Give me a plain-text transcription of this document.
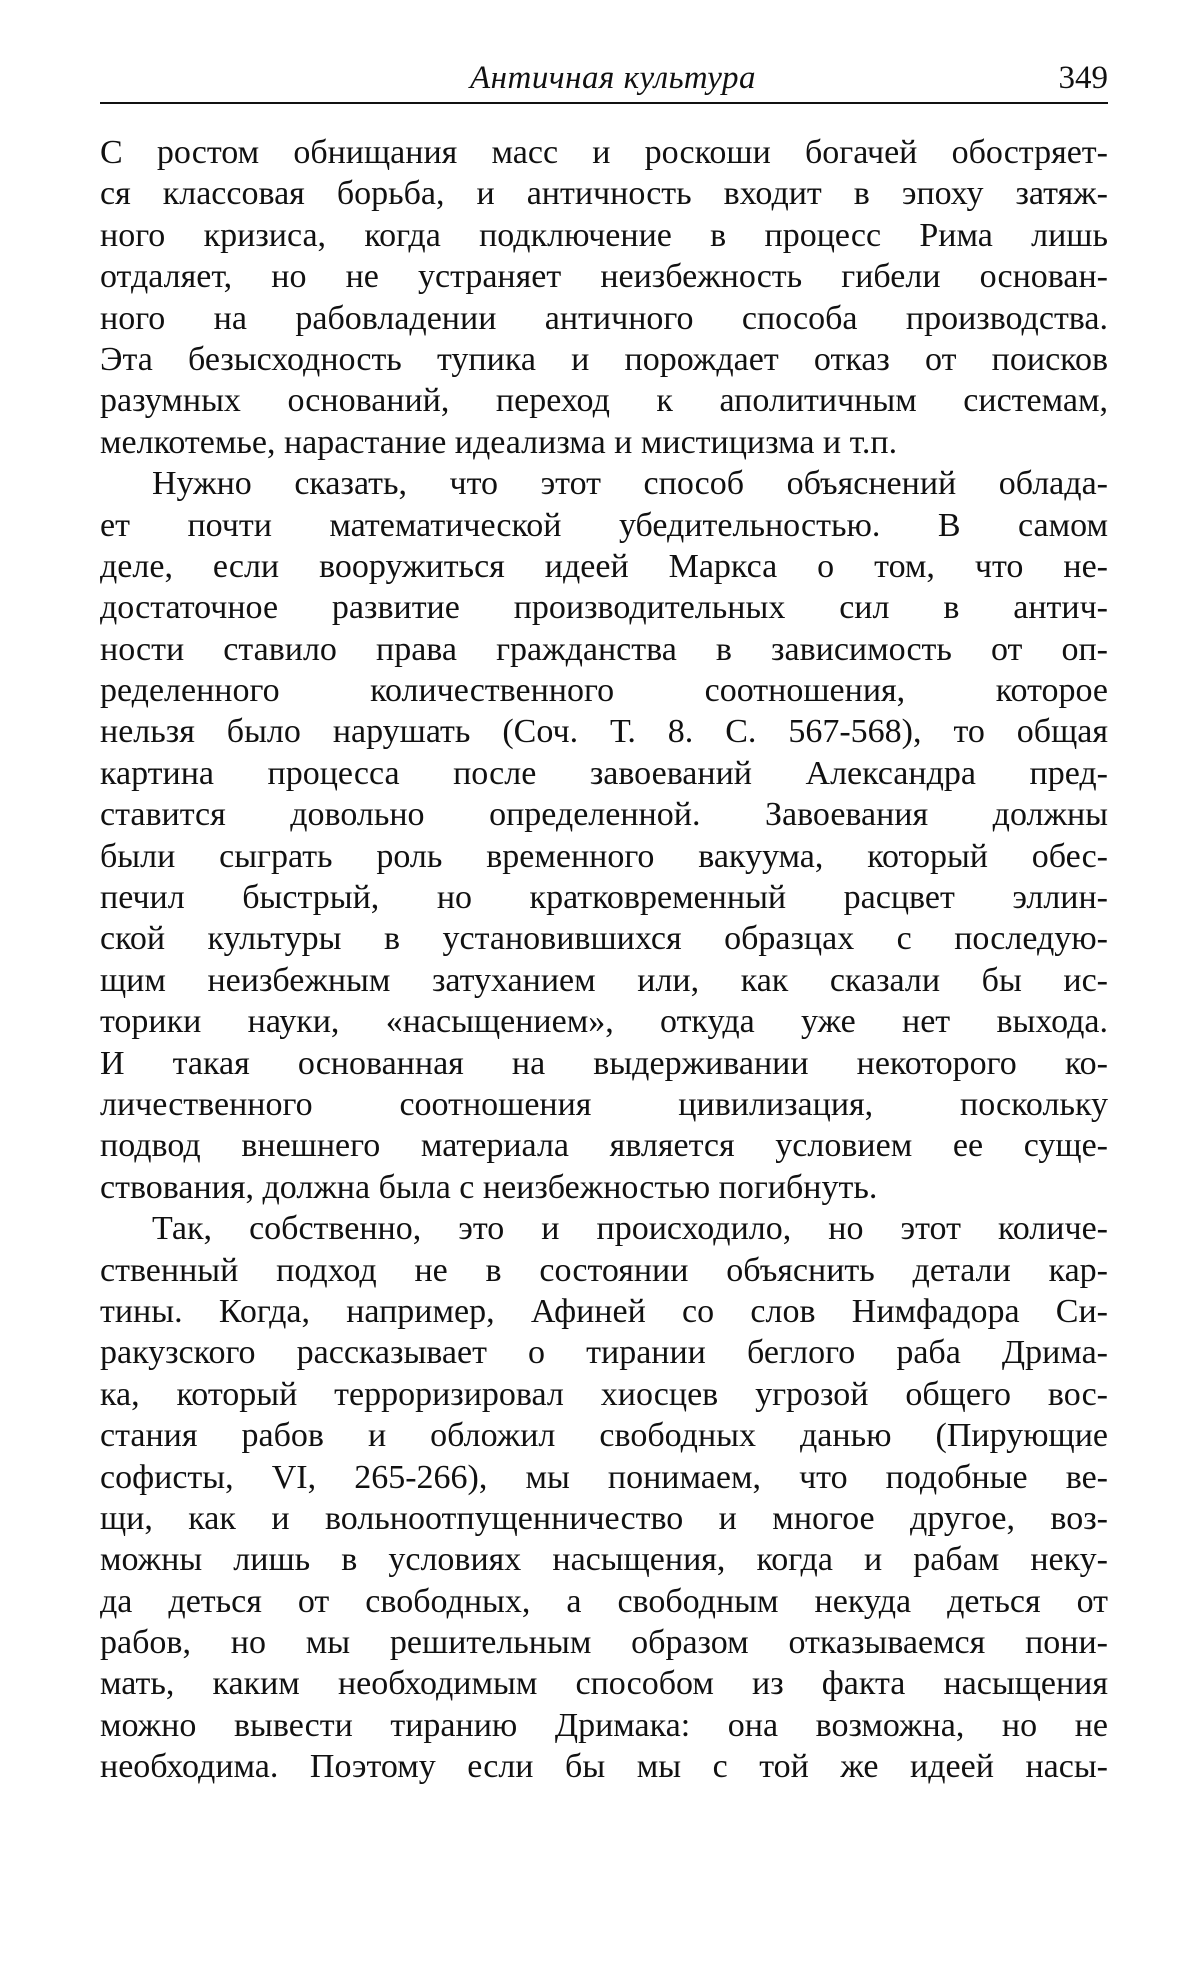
Античная культура	349
С ростом обнищания масс и роскоши богачей обостряет-
ся классовая борьба, и античность входит в эпоху затяж-
ного кризиса, когда подключение в процесс Рима лишь
отдаляет, но не устраняет неизбежность гибели основан-
ного на рабовладении античного способа производства.
Эта безысходность тупика и порождает отказ от поисков
разумных оснований, переход к аполитичным системам,
мелкотемье, нарастание идеализма и мистицизма и т.п.
Нужно сказать, что этот способ объяснений облада-
ет почти математической убедительностью. В самом
деле, если вооружиться идеей Маркса о том, что не-
достаточное развитие производительных сил в антич-
ности ставило права гражданства в зависимость от оп-
ределенного количественного соотношения, которое
нельзя было нарушать (Соч. Т. 8. С. 567-568), то общая
картина процесса после завоеваний Александра пред-
ставится довольно определенной. Завоевания должны
были сыграть роль временного вакуума, который обес-
печил быстрый, но кратковременный расцвет эллин-
ской культуры в установившихся образцах с последую-
щим неизбежным затуханием или, как сказали бы ис-
торики науки, «насыщением», откуда уже нет выхода.
И такая основанная на выдерживании некоторого ко-
личественного соотношения цивилизация, поскольку
подвод внешнего материала является условием ее суще-
ствования, должна была с неизбежностью погибнуть.
Так, собственно, это и происходило, но этот количе-
ственный подход не в состоянии объяснить детали кар-
тины. Когда, например, Афиней со слов Нимфадора Си-
ракузского рассказывает о тирании беглого раба Дрима-
ка, который терроризировал хиосцев угрозой общего вос-
стания рабов и обложил свободных данью (Пирующие
софисты, VI, 265-266), мы понимаем, что подобные ве-
щи, как и вольноотпущенничество и многое другое, воз-
можны лишь в условиях насыщения, когда и рабам неку-
да деться от свободных, а свободным некуда деться от
рабов, но мы решительным образом отказываемся пони-
мать, каким необходимым способом из факта насыщения
можно вывести тиранию Дримака: она возможна, но не
необходима. Поэтому если бы мы с той же идеей насы-
